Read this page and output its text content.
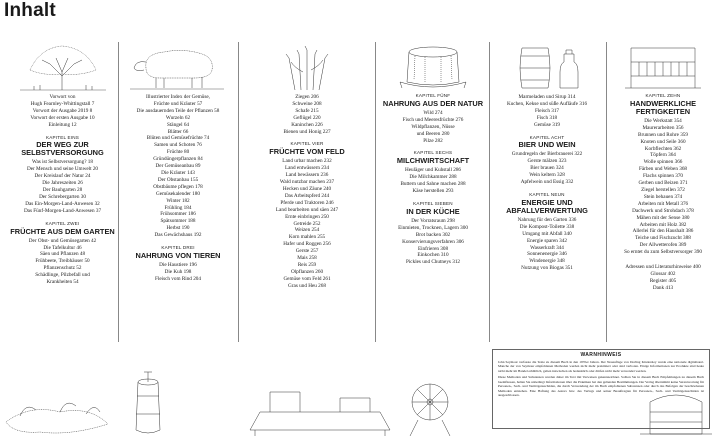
Inhalt
Vorwort von
Hugh Fearnley-Whittingstall 7
Vorwort der Ausgabe 2019 8
Vorwort der ersten Ausgabe 10
Einleitung 12
KAPITEL EINS
DER WEG ZUR SELBSTVERSORGUNG
Was ist Selbstversorgung? 18
Der Mensch und seine Umwelt 20
Der Kreislauf der Natur 24
Die Jahreszeiten 26
Der Bauhgarten 28
Der Schrebergarten 30
Das Ein-Morgen-Land-Anwesen 32
Das Fünf-Morgen-Land-Anwesen 37
KAPITEL ZWEI
FRÜCHTE AUS DEM GARTEN
Der Obst- und Gemüsegarten 42
Die Tafelkultur 46
Säen und Pflanzen 48
Frühbeete, Treibhäuser 50
Pflanzenschutz 52
Schädlinge, Pilzbefall und
Krankheiten 54
Illustrierter Index der Gemüse,
Früchte und Kräuter 57
Die ausdauernden Teile der Pflanzen 58
Wurzeln 62
Stängel 64
Blätter 66
Blüten und Gemüsefrüchte 74
Samen und Schoten 76
Früchte 80
Gründüngerpflanzen 84
Der Gemüseanbau 89
Die Kräuter 143
Der Obstanbau 155
Obstbäume pflegen 178
Gemüsekalender 180
Winter 182
Frühling 184
Frühsommer 186
Spätsommer 188
Herbst 190
Das Gewächshaus 192
KAPITEL DREI
NAHRUNG VON TIEREN
Die Haustiere 196
Die Kuh 198
Fleisch vom Rind 204
Ziegen 206
Schweine 208
Schafe 215
Geflügel 220
Kaninchen 226
Bienen und Honig 227
KAPITEL VIER
FRÜCHTE VOM FELD
Land urbar machen 232
Land entwässern 234
Land bewässern 236
Wald nutzbar machen 237
Hecken und Zäune 240
Das Arbeitspferd 244
Pferde und Traktoren 246
Land bearbeiten und säen 247
Ernte einbringen 250
Getreide 252
Weizen 254
Korn mahlen 255
Hafer und Roggen 256
Gerste 257
Mais 258
Reis 259
Ölpflanzen 260
Gemüse vom Feld 261
Gras und Heu 268
KAPITEL FÜNF
NAHRUNG AUS DER NATUR
Wild 274
Fisch und Meeresfrüchte 276
Wildpflanzen, Nüsse
und Beeren 280
Pilze 282
KAPITEL SECHS
MILCHWIRTSCHAFT
Heuläger und Kuhstall 286
Die Milchkammer 288
Buttern und Sahne machen 288
Käse herstellen 293
KAPITEL SIEBEN
IN DER KÜCHE
Der Vorratsraum 298
Einmieten, Trocknen, Lagern 300
Brot backen 302
Konservierungsverfahren 306
Einfrieren 308
Einkochen 310
Pickles und Chutneys 312
Marmeladen und Sirup 314
Kuchen, Kekse und süße Aufläufe 316
Fleisch 317
Fisch 318
Gemüse 319
KAPITEL ACHT
BIER UND WEIN
Grundregeln der Bierbrauerei 322
Gerste mälzen 323
Bier brauen 324
Wein keltern 328
Apfelwein und Essig 332
KAPITEL NEUN
ENERGIE UND ABFALLVERWERTUNG
Nahrung für den Garten 336
Die Kompost-Toilette 338
Umgang mit Abfall 340
Energie sparen 342
Wasserkraft 344
Sonnenenergie 346
Windenergie 348
Nutzung von Biogas 351
KAPITEL ZEHN
HANDWERKLICHE FERTIGKEITEN
Die Werkstatt 354
Maurerarbeiten 356
Brunnen und Rohre 359
Knoten und Seile 360
Korbflechten 362
Töpfern 364
Wolle spinnen 366
Färben und Weben 368
Flachs spinnen 370
Gerben und Beizen 371
Ziegel herstellen 372
Stein behauen 374
Arbeiten mit Metall 376
Dachwerk und Strohdach 378
Mähen mit der Sense 380
Arbeiten mit Holz 382
Allerlei für den Haushalt 386
Teiche und Fischzucht 388
Der Allwetterofen 389
So erntet du zum Selbstversorger 390
Adressen und Literaturhinweise 400
Glossar 402
Register 405
Dank 413
WARNHINWEIS

John Seymour verfasste die Texte zu diesem Buch in den 1970er Jahren. Der Neuauflage von Dorling Kindersley wurde eine nationale digitalisiert. Manche der von Seymour empfohlenen Methoden werden nicht mehr praktiziert oder sind verboten. Einige Informationen zur Produkte sind heute nicht mehr im Handel erhältlich, gelten inzwischen als bedenklich oder dürfen nicht mehr verwendet werden.

Diese Methoden und Substanzen wurden daher im Text mit Verweisen gekennzeichnet. Sollten Sie in diesem Buch Empfehlungen zu diesem Buch beeinflussen, halten Sie unbedingt Informationen über die Praktiken bei den geltenden Bestimmungen. Der Verlag übernimmt keine Verantwortung für Personen-, Sach- und Vermögensschäden, die durch Verwendung der im Buch empfohlenen Substanzen oder durch das Befolgen der beschriebenen Methoden entstehen. Eine Haftung des Autors bzw. des Verlags und seiner Beauftragten für Personen-, Sach- und Vermögensschäden ist ausgeschlossen.
